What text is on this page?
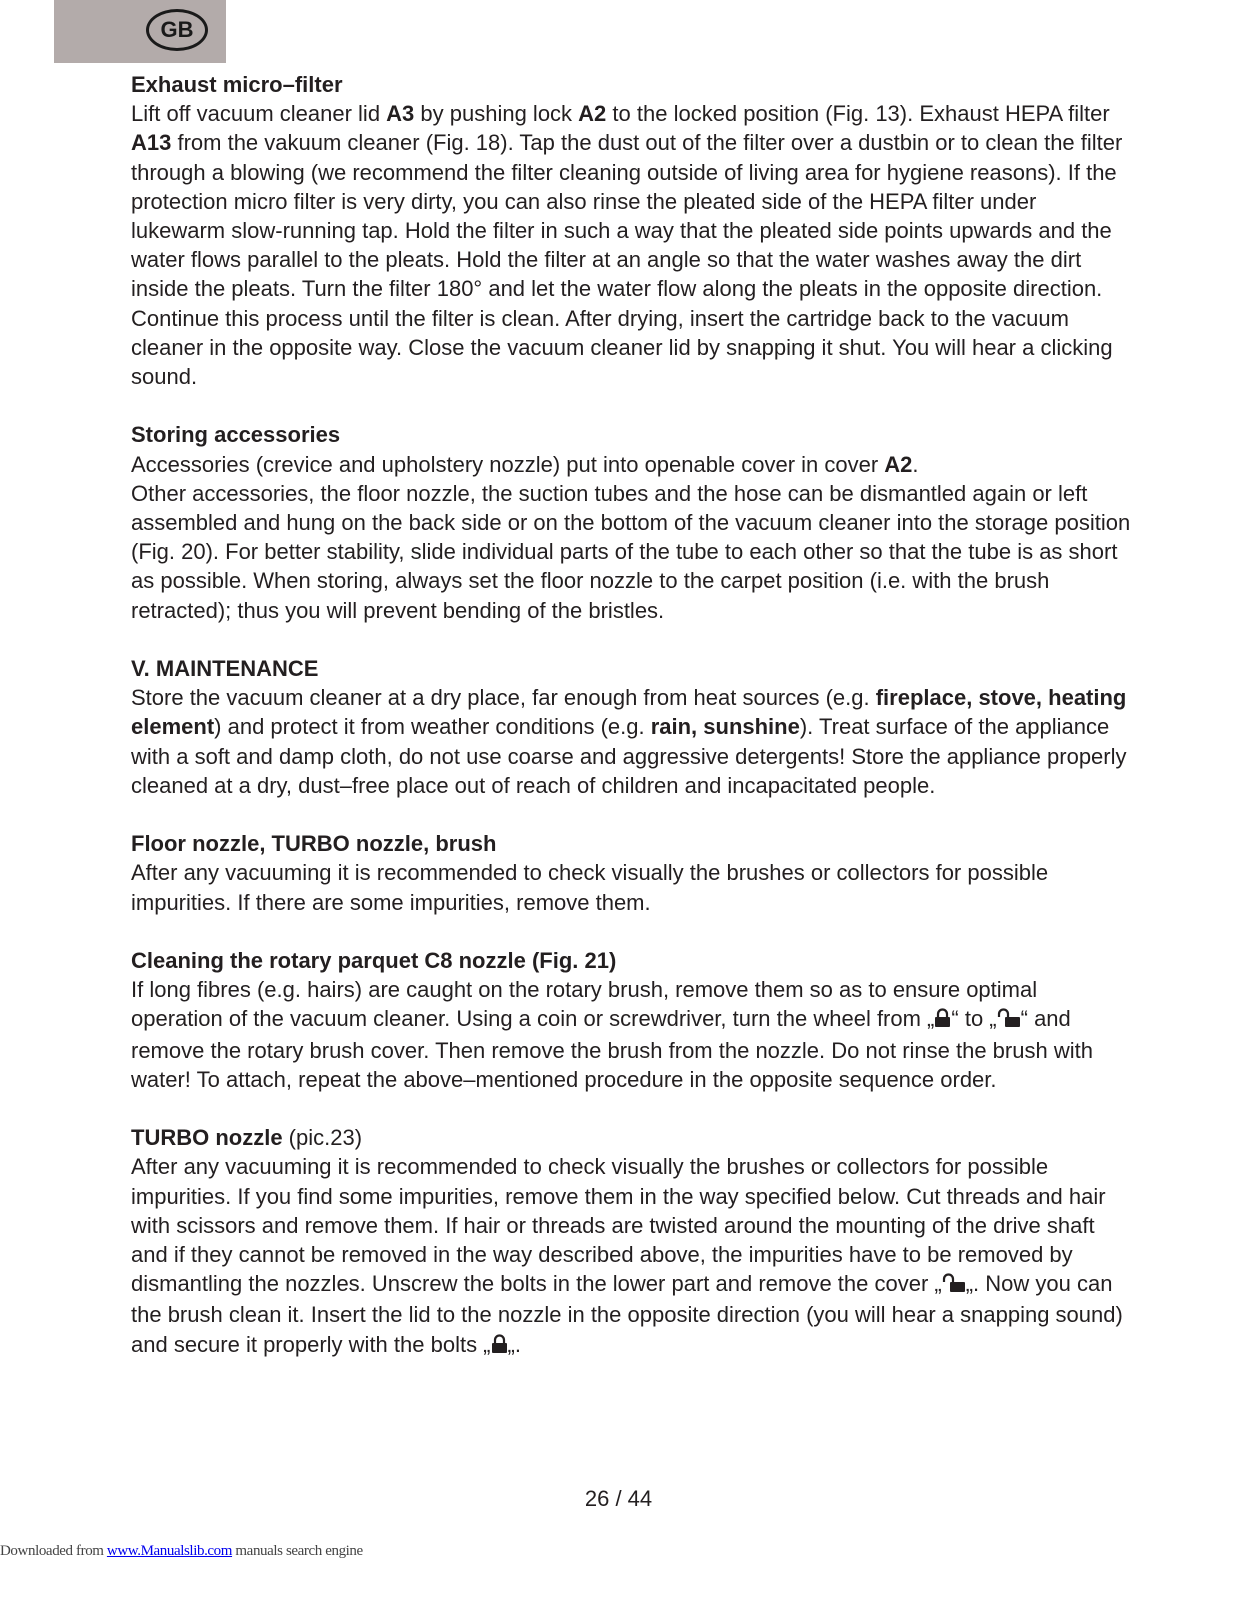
GB
Exhaust micro–filter

Lift off vacuum cleaner lid A3 by pushing lock A2 to the locked position (Fig. 13). Exhaust HEPA filter A13 from the vakuum cleaner (Fig. 18). Tap the dust out of the filter over a dustbin or to clean the filter through a blowing (we recommend the filter cleaning outside of living area for hygiene reasons). If the protection micro filter is very dirty, you can also rinse the pleated side of the HEPA filter under lukewarm slow-running tap. Hold the filter in such a way that the pleated side points upwards and the water flows parallel to the pleats. Hold the filter at an angle so that the water washes away the dirt inside the pleats. Turn the filter 180° and let the water flow along the pleats in the opposite direction. Continue this process until the filter is clean. After drying, insert the cartridge back to the vacuum cleaner in the opposite way. Close the vacuum cleaner lid by snapping it shut. You will hear a clicking sound.

Storing accessories

Accessories (crevice and upholstery nozzle) put into openable cover in cover A2.

Other accessories, the floor nozzle, the suction tubes and the hose can be dismantled again or left assembled and hung on the back side or on the bottom of the vacuum cleaner into the storage position (Fig. 20). For better stability, slide individual parts of the tube to each other so that the tube is as short as possible. When storing, always set the floor nozzle to the carpet position (i.e. with the brush retracted); thus you will prevent bending of the bristles.

V. MAINTENANCE

Store the vacuum cleaner at a dry place, far enough from heat sources (e.g. fireplace, stove, heating element) and protect it from weather conditions (e.g. rain, sunshine). Treat surface of the appliance with a soft and damp cloth, do not use coarse and aggressive detergents! Store the appliance properly cleaned at a dry, dust–free place out of reach of children and incapacitated people.

Floor nozzle, TURBO nozzle, brush

After any vacuuming it is recommended to check visually the brushes or collectors for possible impurities. If there are some impurities, remove them.

Cleaning the rotary parquet C8 nozzle (Fig. 21)

If long fibres (e.g. hairs) are caught on the rotary brush, remove them so as to ensure optimal operation of the vacuum cleaner. Using a coin or screwdriver, turn the wheel from „ “ to „ “ and remove the rotary brush cover. Then remove the brush from the nozzle. Do not rinse the brush with water! To attach, repeat the above–mentioned procedure in the opposite sequence order.

TURBO nozzle (pic.23)

After any vacuuming it is recommended to check visually the brushes or collectors for possible impurities. If you find some impurities, remove them in the way specified below. Cut threads and hair with scissors and remove them. If hair or threads are twisted around the mounting of the drive shaft and if they cannot be removed in the way described above, the impurities have to be removed by dismantling the nozzles. Unscrew the bolts in the lower part and remove the cover „ „. Now you can the brush clean it. Insert the lid to the nozzle in the opposite direction (you will hear a snapping sound) and secure it properly with the bolts „ „.

26 / 44
Downloaded from www.Manualslib.com manuals search engine
